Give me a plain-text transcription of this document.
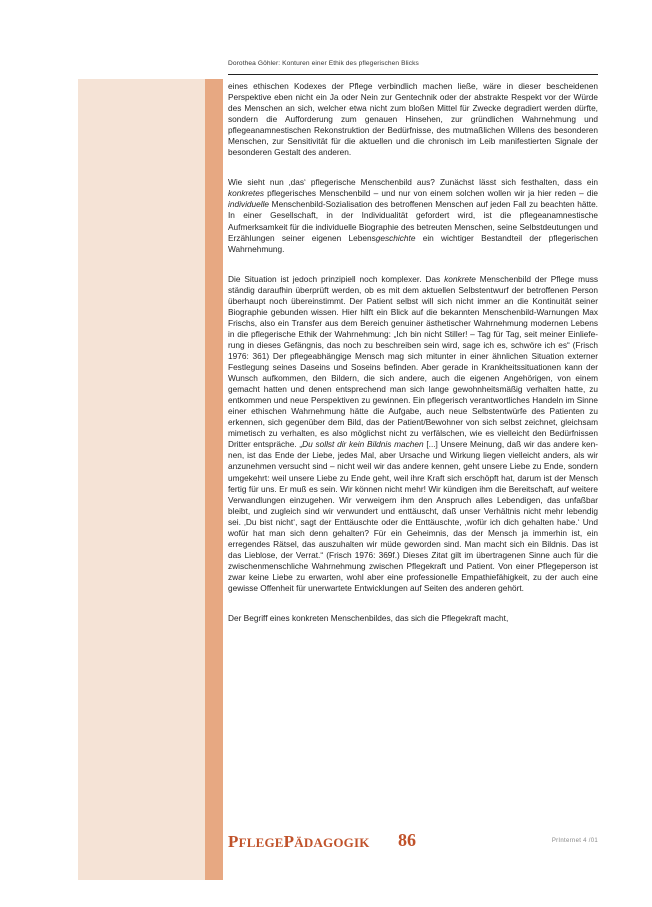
Dorothea Göhler: Konturen einer Ethik des pflegerischen Blicks

eines ethischen Kodexes der Pflege verbindlich machen ließe, wäre in dieser bescheidenen Perspektive eben nicht ein Ja oder Nein zur Gentechnik oder der abstrakte Respekt vor der Würde des Menschen an sich, welcher etwa nicht zum bloßen Mittel für Zwecke degradiert werden dürfte, sondern die Aufforderung zum genauen Hinsehen, zur gründlichen Wahrnehmung und pflegeanamnestischen Rekonstruktion der Bedürfnisse, des mutmaßlichen Willens des besonderen Menschen, zur Sensitivität für die aktuellen und die chronisch im Leib manifestierten Signale der besonderen Gestalt des anderen.

Wie sieht nun ‚das‘ pflegerische Menschenbild aus? Zunächst lässt sich festhalten, dass ein konkretes pflegerisches Menschenbild – und nur von einem solchen wollen wir ja hier reden – die individuelle Menschenbild-Sozialisation des betroffenen Menschen auf jeden Fall zu beachten hätte. In einer Gesellschaft, in der Individualität gefordert wird, ist die pflegeanamnestische Aufmerksamkeit für die individuelle Biographie des betreuten Menschen, seine Selbstdeutungen und Erzählungen seiner eigenen Lebensgeschichte ein wichtiger Bestandteil der pflegerischen Wahrnehmung.

Die Situation ist jedoch prinzipiell noch komplexer. Das konkrete Menschenbild der Pflege muss ständig daraufhin überprüft werden, ob es mit dem aktuellen Selbstentwurf der betroffenen Person überhaupt noch übereinstimmt. Der Patient selbst will sich nicht immer an die Kontinuität seiner Biographie gebunden wissen. Hier hilft ein Blick auf die bekannten Menschenbild-Warnungen Max Frischs, also ein Transfer aus dem Bereich genuiner ästhetischer Wahrnehmung modernen Lebens in die pflegerische Ethik der Wahrnehmung: „Ich bin nicht Stiller! – Tag für Tag, seit meiner Einlieferung in dieses Gefängnis, das noch zu beschreiben sein wird, sage ich es, schwöre ich es“ (Frisch 1976: 361) Der pflegeabhängige Mensch mag sich mitunter in einer ähnlichen Situation externer Festlegung seines Daseins und Soseins befinden. Aber gerade in Krankheitssituationen kann der Wunsch aufkommen, den Bildern, die sich andere, auch die eigenen Angehörigen, von einem gemacht hatten und denen entsprechend man sich lange gewohnheitsmäßig verhalten hatte, zu entkommen und neue Perspektiven zu gewinnen. Ein pflegerisch verantwortliches Handeln im Sinne einer ethischen Wahrnehmung hätte die Aufgabe, auch neue Selbstentwürfe des Patienten zu erkennen, sich gegenüber dem Bild, das der Patient/Bewohner von sich selbst zeichnet, gleichsam mimetisch zu verhalten, es also möglichst nicht zu verfälschen, wie es vielleicht den Bedürfnissen Dritter entspräche. „Du sollst dir kein Bildnis machen [...] Unsere Meinung, daß wir das andere kennen, ist das Ende der Liebe, jedes Mal, aber Ursache und Wirkung liegen vielleicht anders, als wir anzunehmen versucht sind – nicht weil wir das andere kennen, geht unsere Liebe zu Ende, sondern umgekehrt: weil unsere Liebe zu Ende geht, weil ihre Kraft sich erschöpft hat, darum ist der Mensch fertig für uns. Er muß es sein. Wir können nicht mehr! Wir kündigen ihm die Bereitschaft, auf weitere Verwandlungen einzugehen. Wir verweigern ihm den Anspruch alles Lebendigen, das unfaßbar bleibt, und zugleich sind wir verwundert und enttäuscht, daß unser Verhältnis nicht mehr lebendig sei. ‚Du bist nicht‘, sagt der Enttäuschte oder die Enttäuschte, ‚wofür ich dich gehalten habe.‘ Und wofür hat man sich denn gehalten? Für ein Geheimnis, das der Mensch ja immerhin ist, ein erregendes Rätsel, das auszuhalten wir müde geworden sind. Man macht sich ein Bildnis. Das ist das Lieblose, der Verrat.“ (Frisch 1976: 369f.) Dieses Zitat gilt im übertragenen Sinne auch für die zwischenmenschliche Wahrnehmung zwischen Pflegekraft und Patient. Von einer Pflegeperson ist zwar keine Liebe zu erwarten, wohl aber eine professionelle Empathiefähigkeit, zu der auch eine gewisse Offenheit für unerwartete Entwicklungen auf Seiten des anderen gehört.

Der Begriff eines konkreten Menschenbildes, das sich die Pflegekraft macht,

PFLEGEPÄDAGOGIK 86	PrInternet 4 /01
